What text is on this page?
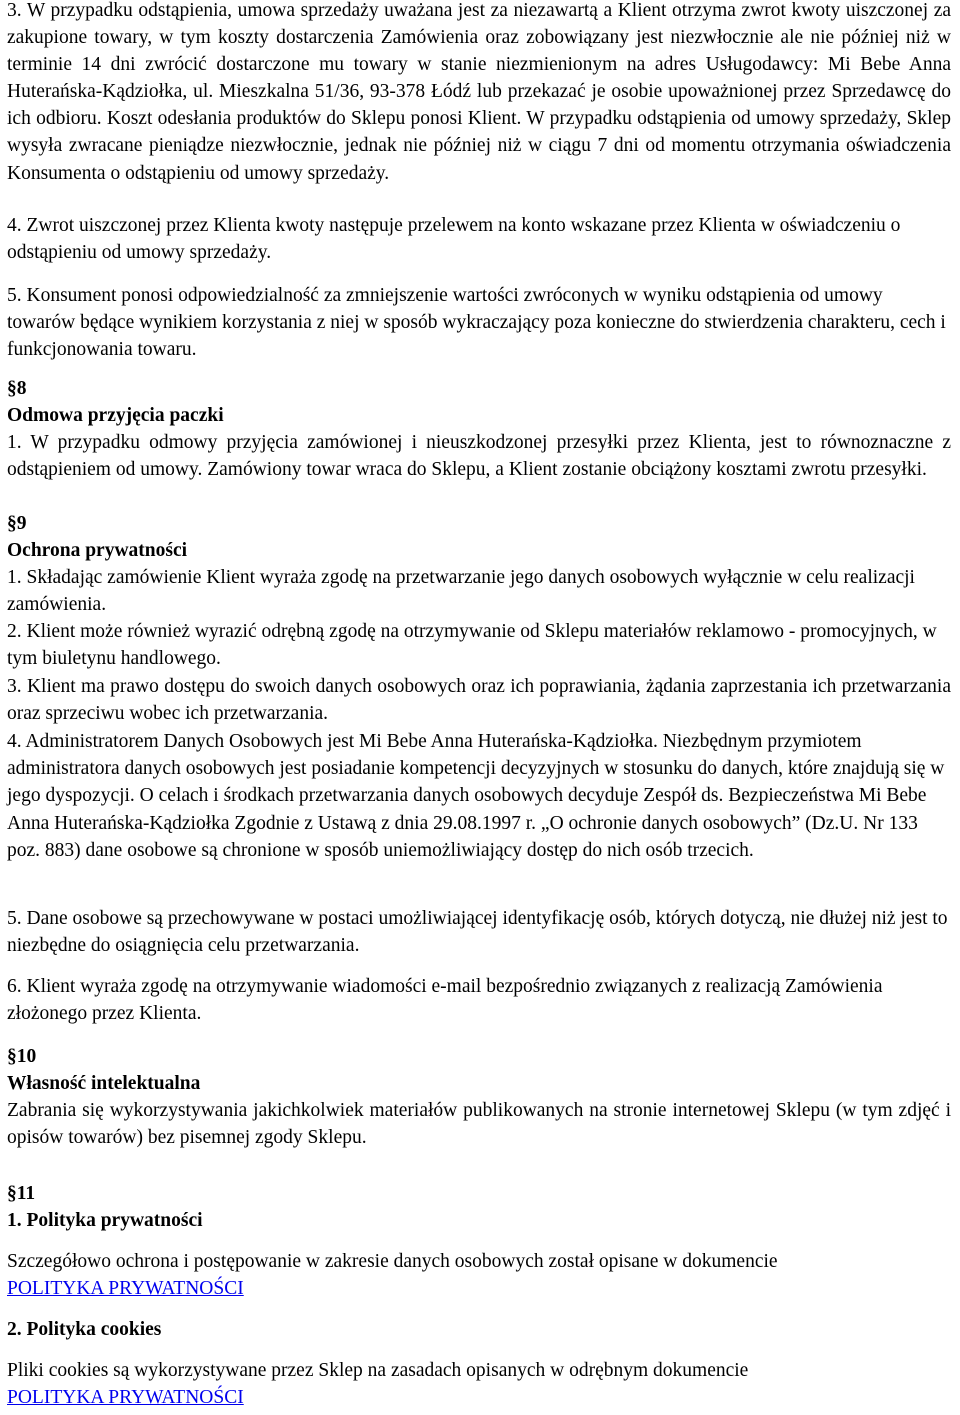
3. W przypadku odstąpienia, umowa sprzedaży uważana jest za niezawartą a Klient otrzyma zwrot kwoty uiszczonej za zakupione towary, w tym koszty dostarczenia Zamówienia oraz zobowiązany jest niezwłocznie ale nie później niż w terminie 14 dni zwrócić dostarczone mu towary w stanie niezmienionym na adres Usługodawcy: Mi Bebe Anna Huterańska-Kądziołka, ul. Mieszkalna 51/36, 93-378 Łódź lub przekazać je osobie upoważnionej przez Sprzedawcę do ich odbioru. Koszt odesłania produktów do Sklepu ponosi Klient. W przypadku odstąpienia od umowy sprzedaży, Sklep wysyła zwracane pieniądze niezwłocznie, jednak nie później niż w ciągu 7 dni od momentu otrzymania oświadczenia Konsumenta o odstąpieniu od umowy sprzedaży.

4. Zwrot uiszczonej przez Klienta kwoty następuje przelewem na konto wskazane przez Klienta w oświadczeniu o odstąpieniu od umowy sprzedaży.

5. Konsument ponosi odpowiedzialność za zmniejszenie wartości zwróconych w wyniku odstąpienia od umowy towarów będące wynikiem korzystania z niej w sposób wykraczający poza konieczne do stwierdzenia charakteru, cech i funkcjonowania towaru.

§8
Odmowa przyjęcia paczki

1. W przypadku odmowy przyjęcia zamówionej i nieuszkodzonej przesyłki przez Klienta, jest to równoznaczne z odstąpieniem od umowy. Zamówiony towar wraca do Sklepu, a Klient zostanie obciążony kosztami zwrotu przesyłki.

§9
Ochrona prywatności

1. Składając zamówienie Klient wyraża zgodę na przetwarzanie jego danych osobowych wyłącznie w celu realizacji zamówienia.

2. Klient może również wyrazić odrębną zgodę na otrzymywanie od Sklepu materiałów reklamowo - promocyjnych, w tym biuletynu handlowego.

3. Klient ma prawo dostępu do swoich danych osobowych oraz ich poprawiania, żądania zaprzestania ich przetwarzania oraz sprzeciwu wobec ich przetwarzania.

4. Administratorem Danych Osobowych jest Mi Bebe Anna Huterańska-Kądziołka. Niezbędnym przymiotem administratora danych osobowych jest posiadanie kompetencji decyzyjnych w stosunku do danych, które znajdują się w jego dyspozycji. O celach i środkach przetwarzania danych osobowych decyduje Zespół ds. Bezpieczeństwa Mi Bebe Anna Huterańska-Kądziołka Zgodnie z Ustawą z dnia 29.08.1997 r. „O ochronie danych osobowych” (Dz.U. Nr 133 poz. 883) dane osobowe są chronione w sposób uniemożliwiający dostęp do nich osób trzecich.

5. Dane osobowe są przechowywane w postaci umożliwiającej identyfikację osób, których dotyczą, nie dłużej niż jest to niezbędne do osiągnięcia celu przetwarzania.

6. Klient wyraża zgodę na otrzymywanie wiadomości e-mail bezpośrednio związanych z realizacją Zamówienia złożonego przez Klienta.

§10
Własność intelektualna

Zabrania się wykorzystywania jakichkolwiek materiałów publikowanych na stronie internetowej Sklepu (w tym zdjęć i opisów towarów) bez pisemnej zgody Sklepu.

§11
1. Polityka prywatności

Szczegółowo ochrona i postępowanie w zakresie danych osobowych został opisane w dokumencie
POLITYKA PRYWATNOŚCI

2. Polityka cookies

Pliki cookies są wykorzystywane przez Sklep na zasadach opisanych w odrębnym dokumencie
POLITYKA PRYWATNOŚCI
